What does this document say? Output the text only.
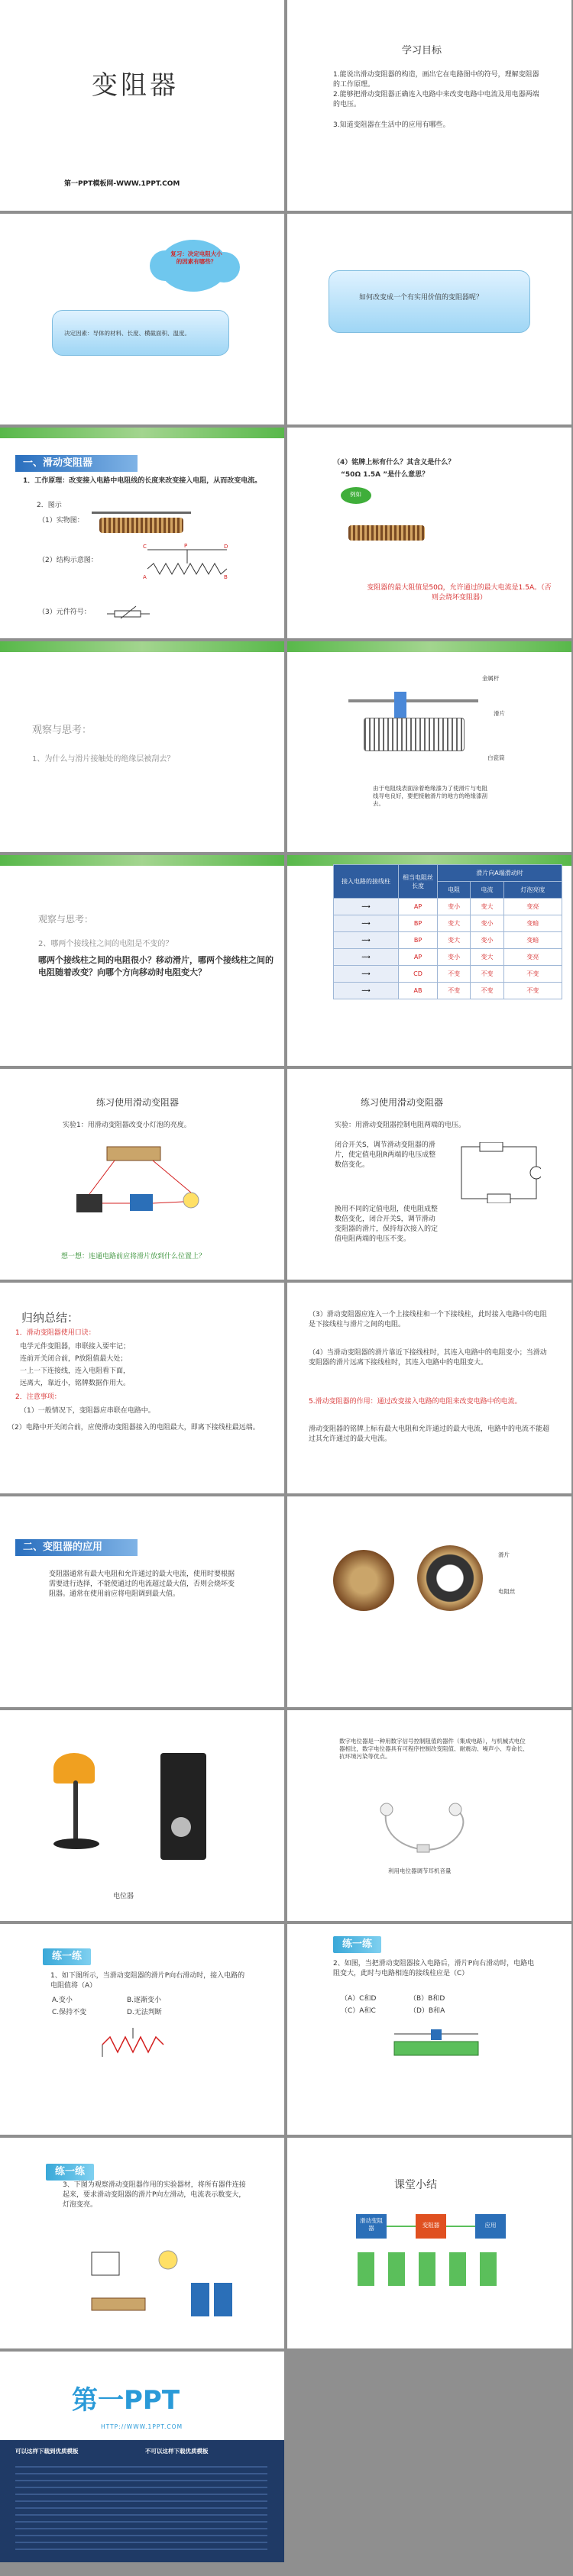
变阻器
第一PPT模板网-WWW.1PPT.COM
学习目标
1.能说出滑动变阻器的构造，画出它在电路图中的符号，理解变阻器的工作原理。
2.能够把滑动变阻器正确连入电路中来改变电路中电流及用电器两端的电压。
3.知道变阻器在生活中的应用有哪些。
复习：决定电阻大小的因素有哪些？
决定因素：导体的材料、长度、横截面积、温度。
如何改变成一个有实用价值的变阻器呢？
一、滑动变阻器
1．工作原理：改变接入电路中电阻线的长度来改变接入电阻，从而改变电流。
2．图示
（1）实物图：
（2）结构示意图：
C	P	D
A	B
（3）元件符号：
（4）铭牌上标有什么？其含义是什么？
“50Ω 1.5A ”是什么意思？
例如
变阻器的最大阻值是50Ω，允许通过的最大电流是1.5A。（否则会烧坏变阻器）
观察与思考：
1、为什么与滑片接触处的绝缘层被刮去？
金属杆
滑片
白瓷筒
由于电阻线表面涂着绝缘漆为了使滑片与电阻线导电良好，要把接触滑片的地方的绝缘漆刮去。
观察与思考：
2、哪两个接线柱之间的电阻是不变的？
哪两个接线柱之间的电阻很小？移动滑片，哪两个接线柱之间的电阻随着改变？向哪个方向移动时电阻变大？
接入电路的接线柱	相当电阻丝长度	滑片向A端滑动时		
		电阻	电流	灯泡亮度
⟿	AP	变小	变大	变亮
⟿	BP	变大	变小	变暗
⟿	BP	变大	变小	变暗
⟿	AP	变小	变大	变亮
⟿	CD	不变	不变	不变
⟿	AB	不变	不变	不变
练习使用滑动变阻器
实验1：用滑动变阻器改变小灯泡的亮度。
想一想：连通电路前应将滑片放到什么位置上？
练习使用滑动变阻器
实验：用滑动变阻器控制电阻两端的电压。
闭合开关S，调节滑动变阻器的滑片，使定值电阻R两端的电压成整数倍变化。
换用不同的定值电阻，使电阻成整数倍变化，闭合开关S，调节滑动变阻器的滑片，保持每次接入的定值电阻两端的电压不变。
归纳总结：
1．滑动变阻器使用口诀：
电学元件变阻器，串联接入要牢记；
连前开关闭合前，P放阻值最大处；
一上一下连接线，连入电阻看下面，
远离大，靠近小，铭牌数据作用大。
2．注意事项：
（1）一般情况下，变阻器应串联在电路中。
（2）电路中开关闭合前，应使滑动变阻器接入的电阻最大，即离下接线柱最远端。
（3）滑动变阻器应连入一个上接线柱和一个下接线柱，此时接入电路中的电阻是下接线柱与滑片之间的电阻。
（4）当滑动变阻器的滑片靠近下接线柱时，其连入电路中的电阻变小；当滑动变阻器的滑片远离下接线柱时，其连入电路中的电阻变大。
5.滑动变阻器的作用：通过改变接入电路的电阻来改变电路中的电流。
滑动变阻器的铭牌上标有最大电阻和允许通过的最大电流，电路中的电流不能超过其允许通过的最大电流。
二、变阻器的应用
变阻器通常有最大电阻和允许通过的最大电流，使用时要根据需要进行选择，不能使通过的电流超过最大值，否则会烧坏变阻器。通常在使用前应将电阻调到最大值。
滑片
电阻丝
电位器
数字电位器是一种用数字信号控制阻值的器件（集成电路），与机械式电位器相比，数字电位器具有可程序控制改变阻值、耐震动、噪声小、寿命长、抗环境污染等优点。
利用电位器调节耳机音量
练一练
1、如下图所示，当滑动变阻器的滑片P向右滑动时，接入电路的电阻值将（A）
A.变小	B.逐渐变小
C.保持不变	D.无法判断
练一练
2、如图，当把滑动变阻器接入电路后，滑片P向右滑动时，电路电阻变大，此时与电路相连的接线柱应是（C）
（A）C和D	（B）B和D
（C）A和C	（D）B和A
练一练
3、下图为观察滑动变阻器作用的实验器材，将所有器件连接起来，要求滑动变阻器的滑片P向左滑动，电流表示数变大，灯泡变亮。
课堂小结
滑动变阻器	变阻器	应用
第一PPT
HTTP://WWW.1PPT.COM
可以这样下载到优质模板	不可以这样下载优质模板
